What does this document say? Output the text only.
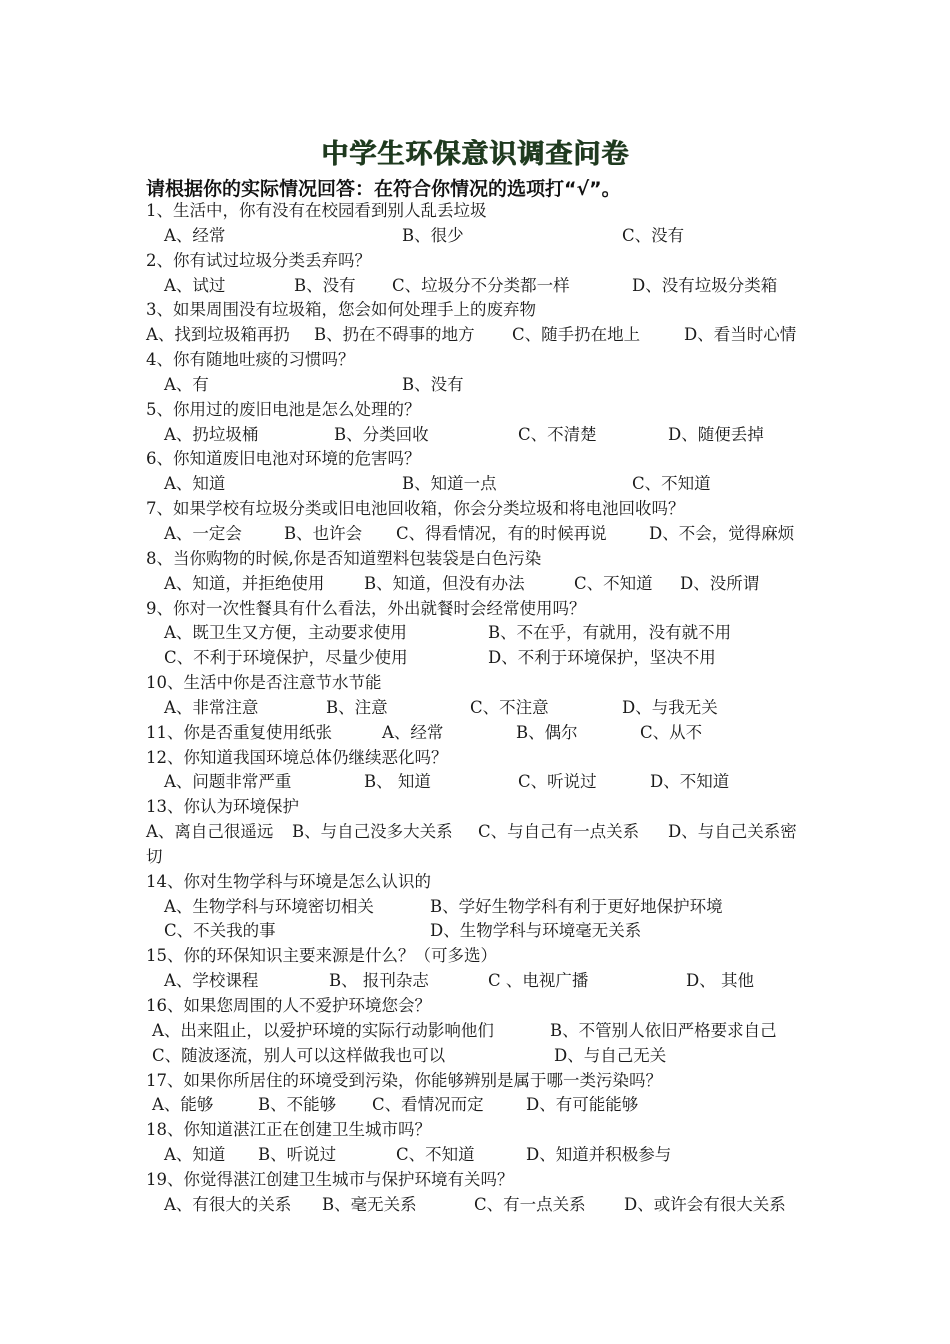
中学生环保意识调查问卷
请根据你的实际情况回答：在符合你情况的选项打“√”。
1、生活中，你有没有在校园看到别人乱丢垃圾
A、经常	B、很少	C、没有
2、你有试过垃圾分类丢弃吗？
A、试过	B、没有 C、垃圾分不分类都一样	D、没有垃圾分类箱
3、如果周围没有垃圾箱，您会如何处理手上的废弃物
A、找到垃圾箱再扔 B、扔在不碍事的地方 C、随手扔在地上	D、看当时心情
4、你有随地吐痰的习惯吗？
A、有	B、没有
5、你用过的废旧电池是怎么处理的？
A、扔垃圾桶	B、分类回收	C、不清楚	D、随便丢掉
6、你知道废旧电池对环境的危害吗？
A、知道	B、知道一点	C、不知道
7、如果学校有垃圾分类或旧电池回收箱，你会分类垃圾和将电池回收吗？
A、一定会	B、也许会 C、得看情况，有的时候再说	D、不会，觉得麻烦
8、当你购物的时候,你是否知道塑料包装袋是白色污染
A、知道，并拒绝使用 B、知道，但没有办法	C、不知道 D、没所谓
9、你对一次性餐具有什么看法，外出就餐时会经常使用吗？
A、既卫生又方便，主动要求使用	B、不在乎，有就用，没有就不用
C、不利于环境保护，尽量少使用	D、不利于环境保护，坚决不用
10、生活中你是否注意节水节能
A、非常注意	B、注意	C、不注意	D、与我无关
11、你是否重复使用纸张	A、经常	B、偶尔	C、从不
12、你知道我国环境总体仍继续恶化吗？
A、问题非常严重	B、 知道	C、听说过	D、不知道
13、你认为环境保护
A、离自己很遥远 B、与自己没多大关系 C、与自己有一点关系 D、与自己关系密
切
14、你对生物学科与环境是怎么认识的
A、生物学科与环境密切相关	B、学好生物学科有利于更好地保护环境
C、不关我的事	D、生物学科与环境毫无关系
15、你的环保知识主要来源是什么？（可多选）
A、学校课程	B、 报刊杂志	C 、电视广播	D、 其他
16、如果您周围的人不爱护环境您会？
A、出来阻止，以爱护环境的实际行动影响他们	B、不管别人依旧严格要求自己
C、随波逐流，别人可以这样做我也可以	D、与自己无关
17、如果你所居住的环境受到污染，你能够辨别是属于哪一类污染吗？
A、能够	B、不能够 C、看情况而定	D、有可能能够
18、你知道湛江正在创建卫生城市吗？
A、知道 B、听说过	C、不知道	D、知道并积极参与
19、你觉得湛江创建卫生城市与保护环境有关吗？
A、有很大的关系 B、毫无关系	C、有一点关系 D、或许会有很大关系
